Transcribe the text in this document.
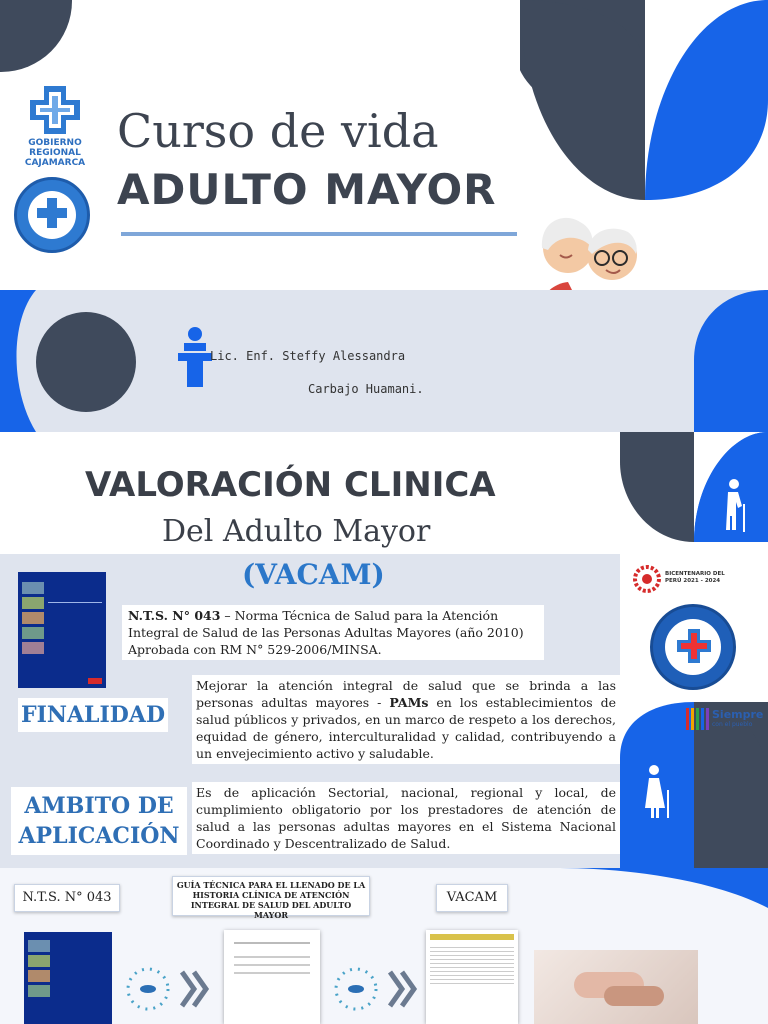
GOBIERNO REGIONAL CAJAMARCA
Curso de vida
ADULTO MAYOR
Lic. Enf. Steffy Alessandra
Carbajo Huamani.
BICENTENARIO DEL PERÚ 2021 - 2024
Siempre
con el pueblo
VALORACIÓN CLINICA
Del Adulto Mayor
(VACAM)
N.T.S. N° 043 – Norma Técnica de Salud para la Atención Integral de Salud de las Personas Adultas Mayores (año 2010)
Aprobada con RM N° 529-2006/MINSA.
FINALIDAD
Mejorar la atención integral de salud que se brinda a las personas adultas mayores - PAMs en los establecimientos de salud públicos y privados, en un marco de respeto a los derechos, equidad de género, interculturalidad y calidad, contribuyendo a un envejecimiento activo y saludable.
AMBITO DE
APLICACIÓN
Es de aplicación Sectorial, nacional, regional y local, de cumplimiento obligatorio por los prestadores de atención de salud a las personas adultas mayores en el Sistema Nacional Coordinado y Descentralizado de Salud.
N.T.S. N° 043
GUÍA TÉCNICA PARA EL LLENADO DE LA
HISTORIA CLÍNICA DE ATENCIÓN
INTEGRAL DE SALUD DEL ADULTO MAYOR
VACAM
